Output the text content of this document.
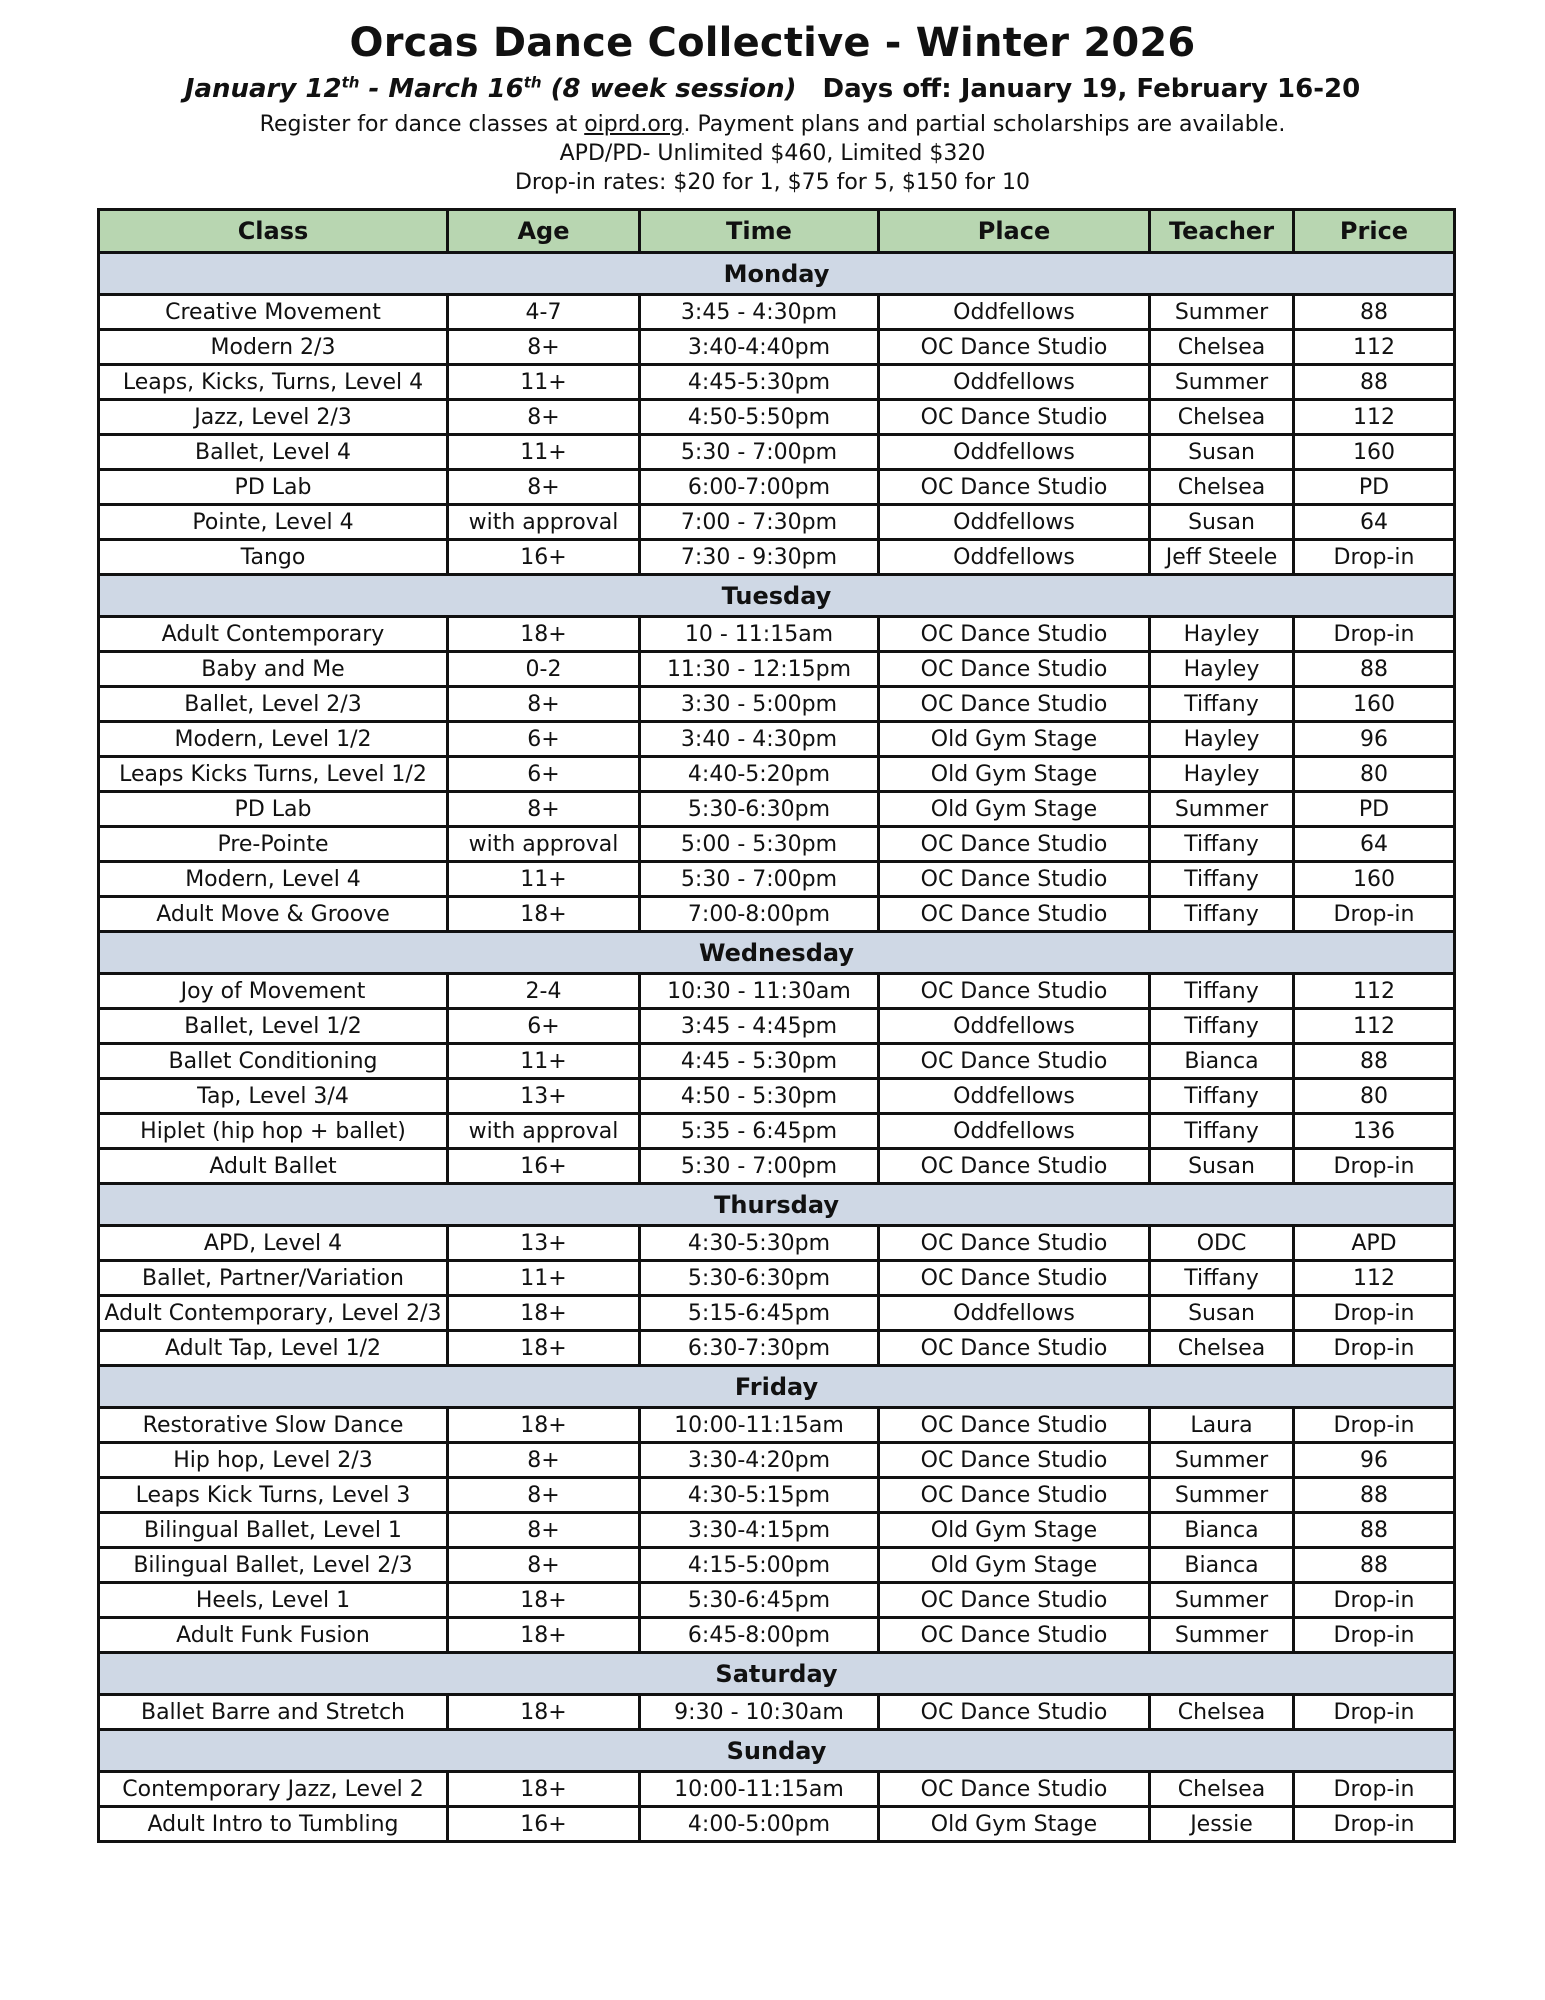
Orcas Dance Collective - Winter 2026
January 12th - March 16th (8 week session) Days off: January 19, February 16-20
Register for dance classes at oiprd.org. Payment plans and partial scholarships are available.
APD/PD- Unlimited $460, Limited $320
Drop-in rates: $20 for 1, $75 for 5, $150 for 10
Class	Age	Time	Place	Teacher	Price
Monday					
Creative Movement	4-7	3:45 - 4:30pm	Oddfellows	Summer	88
Modern 2/3	8+	3:40-4:40pm	OC Dance Studio	Chelsea	112
Leaps, Kicks, Turns, Level 4	11+	4:45-5:30pm	Oddfellows	Summer	88
Jazz, Level 2/3	8+	4:50-5:50pm	OC Dance Studio	Chelsea	112
Ballet, Level 4	11+	5:30 - 7:00pm	Oddfellows	Susan	160
PD Lab	8+	6:00-7:00pm	OC Dance Studio	Chelsea	PD
Pointe, Level 4	with approval	7:00 - 7:30pm	Oddfellows	Susan	64
Tango	16+	7:30 - 9:30pm	Oddfellows	Jeff Steele	Drop-in
Tuesday					
Adult Contemporary	18+	10 - 11:15am	OC Dance Studio	Hayley	Drop-in
Baby and Me	0-2	11:30 - 12:15pm	OC Dance Studio	Hayley	88
Ballet, Level 2/3	8+	3:30 - 5:00pm	OC Dance Studio	Tiffany	160
Modern, Level 1/2	6+	3:40 - 4:30pm	Old Gym Stage	Hayley	96
Leaps Kicks Turns, Level 1/2	6+	4:40-5:20pm	Old Gym Stage	Hayley	80
PD Lab	8+	5:30-6:30pm	Old Gym Stage	Summer	PD
Pre-Pointe	with approval	5:00 - 5:30pm	OC Dance Studio	Tiffany	64
Modern, Level 4	11+	5:30 - 7:00pm	OC Dance Studio	Tiffany	160
Adult Move & Groove	18+	7:00-8:00pm	OC Dance Studio	Tiffany	Drop-in
Wednesday					
Joy of Movement	2-4	10:30 - 11:30am	OC Dance Studio	Tiffany	112
Ballet, Level 1/2	6+	3:45 - 4:45pm	Oddfellows	Tiffany	112
Ballet Conditioning	11+	4:45 - 5:30pm	OC Dance Studio	Bianca	88
Tap, Level 3/4	13+	4:50 - 5:30pm	Oddfellows	Tiffany	80
Hiplet (hip hop + ballet)	with approval	5:35 - 6:45pm	Oddfellows	Tiffany	136
Adult Ballet	16+	5:30 - 7:00pm	OC Dance Studio	Susan	Drop-in
Thursday					
APD, Level 4	13+	4:30-5:30pm	OC Dance Studio	ODC	APD
Ballet, Partner/Variation	11+	5:30-6:30pm	OC Dance Studio	Tiffany	112
Adult Contemporary, Level 2/3	18+	5:15-6:45pm	Oddfellows	Susan	Drop-in
Adult Tap, Level 1/2	18+	6:30-7:30pm	OC Dance Studio	Chelsea	Drop-in
Friday					
Restorative Slow Dance	18+	10:00-11:15am	OC Dance Studio	Laura	Drop-in
Hip hop, Level 2/3	8+	3:30-4:20pm	OC Dance Studio	Summer	96
Leaps Kick Turns, Level 3	8+	4:30-5:15pm	OC Dance Studio	Summer	88
Bilingual Ballet, Level 1	8+	3:30-4:15pm	Old Gym Stage	Bianca	88
Bilingual Ballet, Level 2/3	8+	4:15-5:00pm	Old Gym Stage	Bianca	88
Heels, Level 1	18+	5:30-6:45pm	OC Dance Studio	Summer	Drop-in
Adult Funk Fusion	18+	6:45-8:00pm	OC Dance Studio	Summer	Drop-in
Saturday					
Ballet Barre and Stretch	18+	9:30 - 10:30am	OC Dance Studio	Chelsea	Drop-in
Sunday					
Contemporary Jazz, Level 2	18+	10:00-11:15am	OC Dance Studio	Chelsea	Drop-in
Adult Intro to Tumbling	16+	4:00-5:00pm	Old Gym Stage	Jessie	Drop-in
